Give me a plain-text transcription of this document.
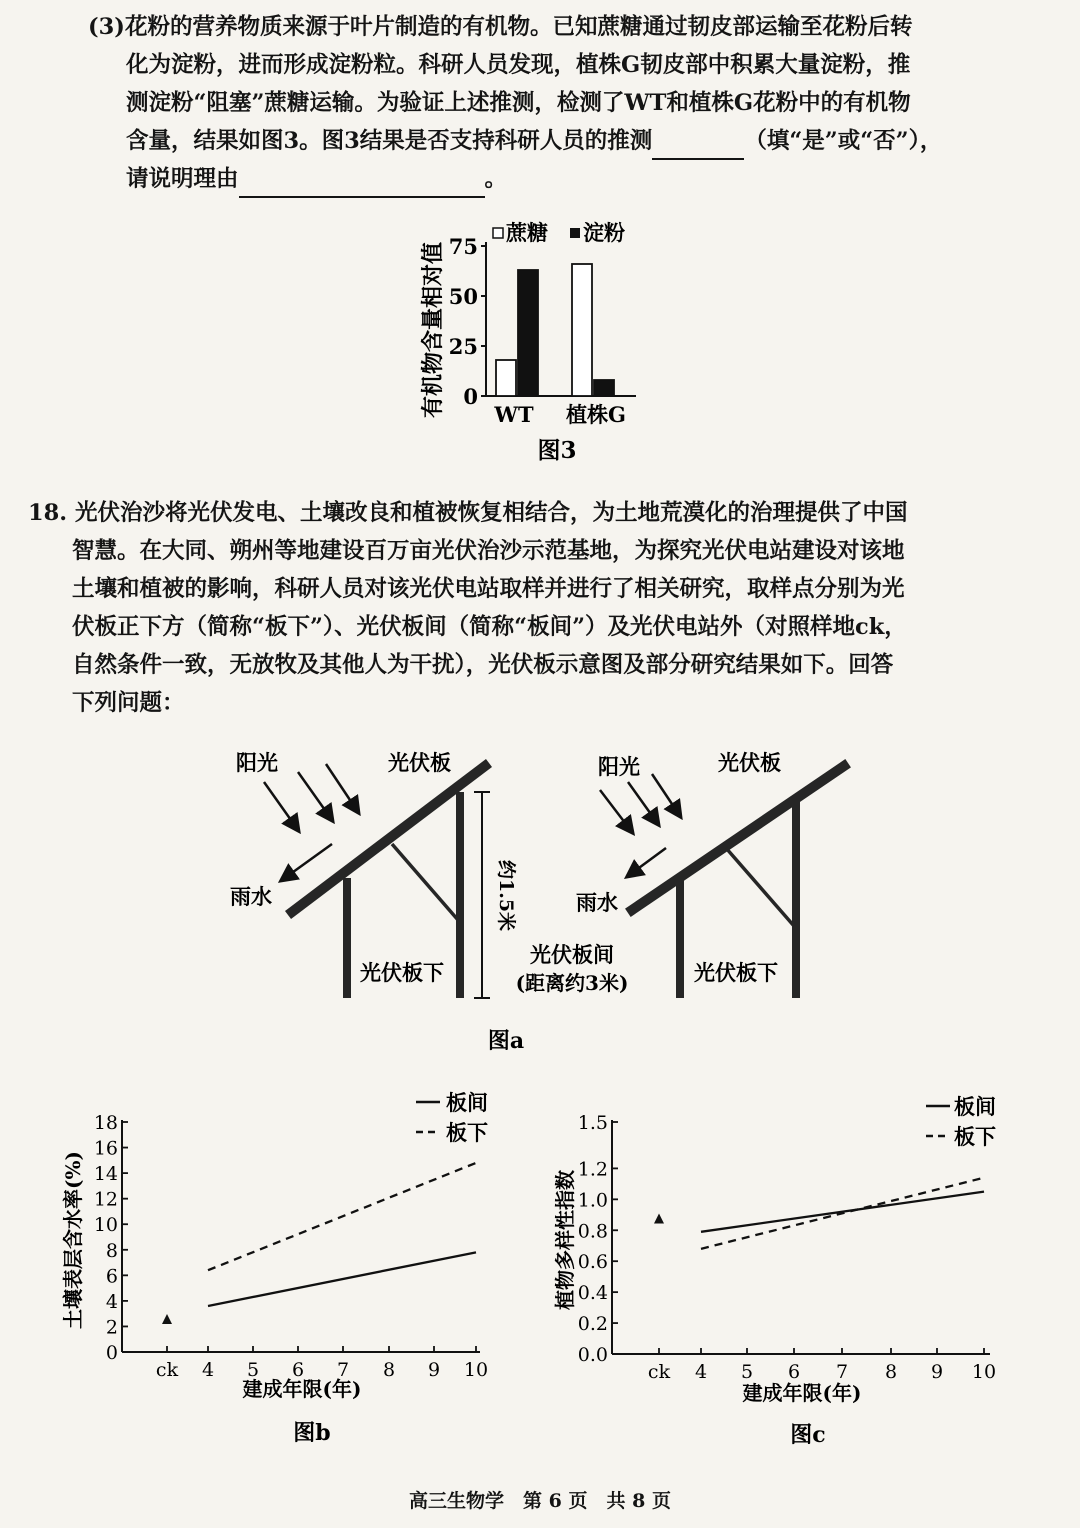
(3)花粉的营养物质来源于叶片制造的有机物。已知蔗糖通过韧皮部运输至花粉后转
化为淀粉，进而形成淀粉粒。科研人员发现，植株G韧皮部中积累大量淀粉，推
测淀粉“阻塞”蔗糖运输。为验证上述推测，检测了WT和植株G花粉中的有机物
含量，结果如图3。图3结果是否支持科研人员的推测	（填“是”或“否”），
请说明理由	。
有机物含量相对值
蔗糖 淀粉
0
25
50
75
WT 植株G
图3
18. 光伏治沙将光伏发电、土壤改良和植被恢复相结合，为土地荒漠化的治理提供了中国
智慧。在大同、朔州等地建设百万亩光伏治沙示范基地，为探究光伏电站建设对该地
土壤和植被的影响，科研人员对该光伏电站取样并进行了相关研究，取样点分别为光
伏板正下方（简称“板下”）、光伏板间（简称“板间”）及光伏电站外（对照样地ck，
自然条件一致，无放牧及其他人为干扰），光伏板示意图及部分研究结果如下。回答
下列问题：
阳光	光伏板
雨水
光伏板下
约1.5米
光伏板间
(距离约3米)
阳光	光伏板
雨水
光伏板下
图a
土壤表层含水率(%)
0
2
4
6
8
10
12
14
16
18
ck 4 5 6 7 8 9 10
板间
板下
建成年限(年)
图b
植物多样性指数
0.0
0.2
0.4
0.6
0.8
1.0
1.2
1.5
ck 4 5 6 7 8 9 10
板间
板下
建成年限(年)
图c
高三生物学　第 6 页　共 8 页
